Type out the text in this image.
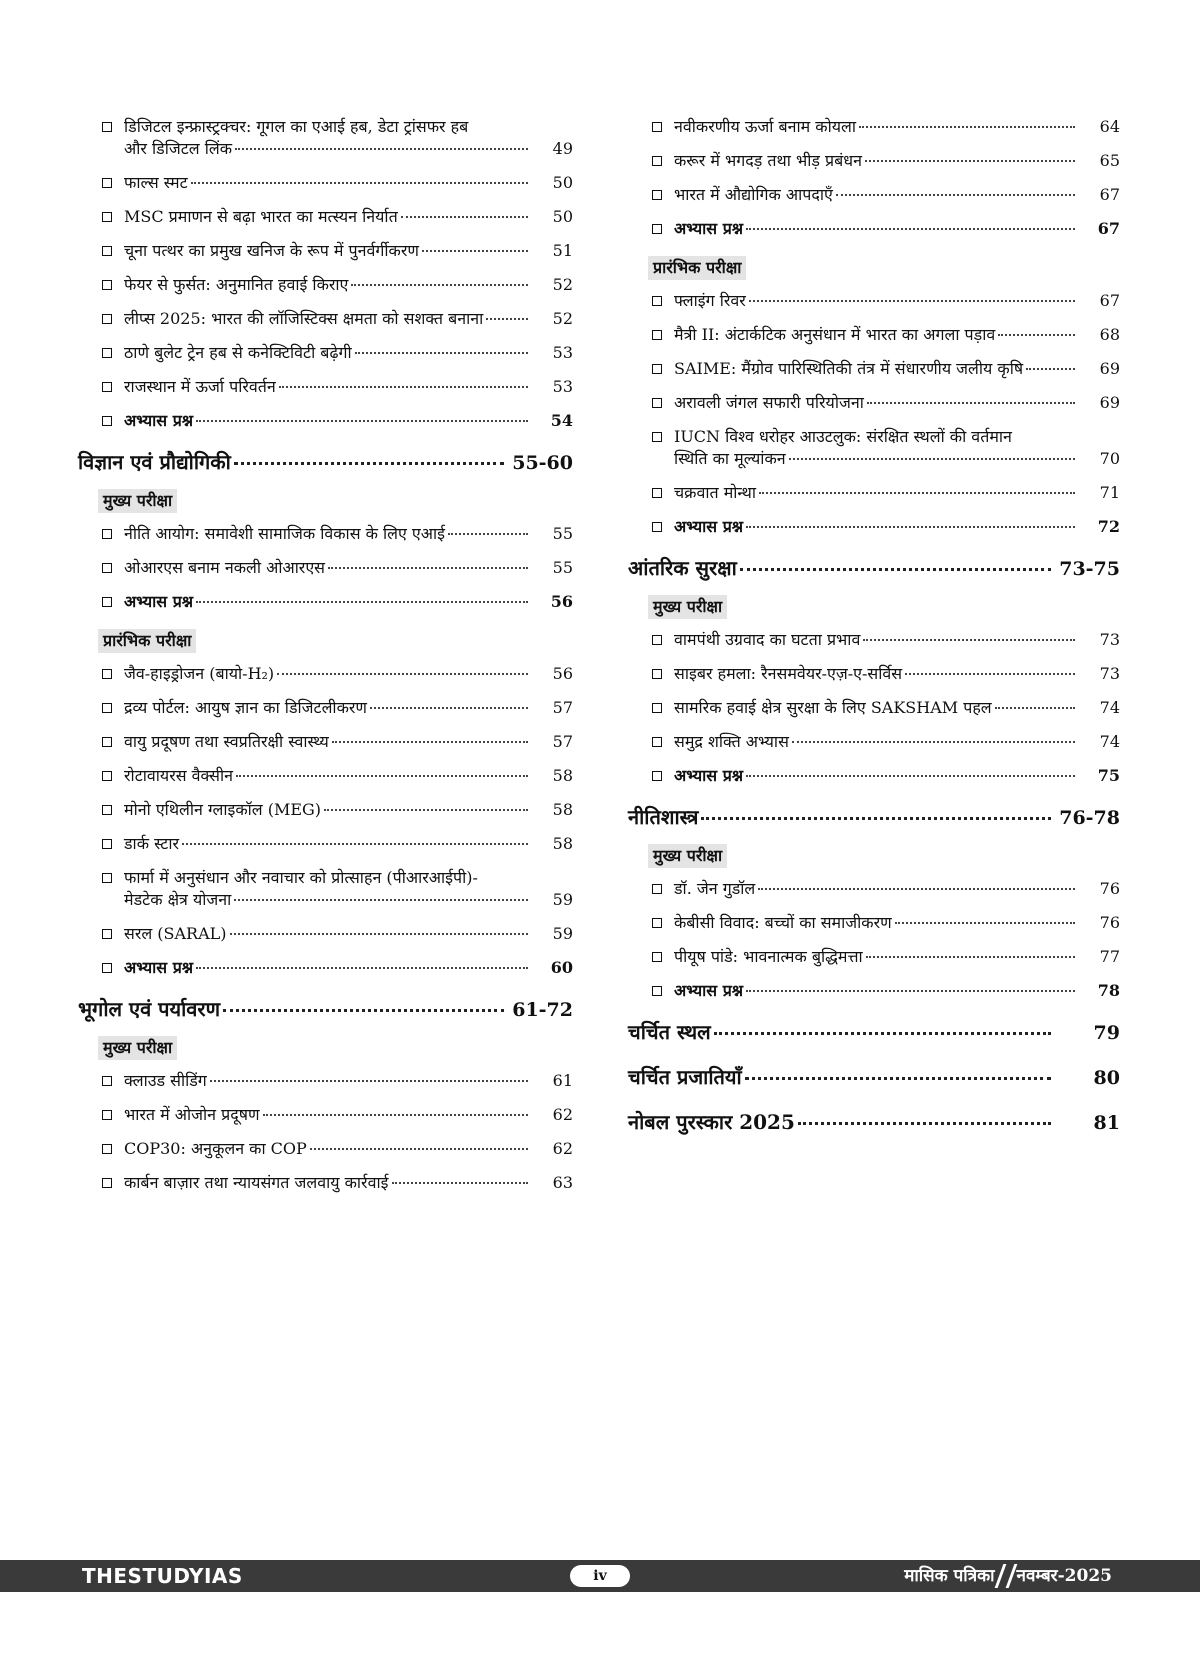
डिजिटल इन्फ्रास्ट्रक्चर: गूगल का एआई हब, डेटा ट्रांसफर हब
और डिजिटल लिंक	49
फाल्स स्मट	50
MSC प्रमाणन से बढ़ा भारत का मत्स्यन निर्यात	50
चूना पत्थर का प्रमुख खनिज के रूप में पुनर्वर्गीकरण	51
फेयर से फुर्सत: अनुमानित हवाई किराए	52
लीप्स 2025: भारत की लॉजिस्टिक्स क्षमता को सशक्त बनाना	52
ठाणे बुलेट ट्रेन हब से कनेक्टिविटी बढ़ेगी	53
राजस्थान में ऊर्जा परिवर्तन	53
अभ्यास प्रश्न	54
विज्ञान एवं प्रौद्योगिकी	55-60
मुख्य परीक्षा
नीति आयोग: समावेशी सामाजिक विकास के लिए एआई	55
ओआरएस बनाम नकली ओआरएस	55
अभ्यास प्रश्न	56
प्रारंभिक परीक्षा
जैव-हाइड्रोजन (बायो-H₂)	56
द्रव्य पोर्टल: आयुष ज्ञान का डिजिटलीकरण	57
वायु प्रदूषण तथा स्वप्रतिरक्षी स्वास्थ्य	57
रोटावायरस वैक्सीन	58
मोनो एथिलीन ग्लाइकॉल (MEG)	58
डार्क स्टार	58
फार्मा में अनुसंधान और नवाचार को प्रोत्साहन (पीआरआईपी)-
मेडटेक क्षेत्र योजना	59
सरल (SARAL)	59
अभ्यास प्रश्न	60
भूगोल एवं पर्यावरण	61-72
मुख्य परीक्षा
क्लाउड सीडिंग	61
भारत में ओजोन प्रदूषण	62
COP30: अनुकूलन का COP	62
कार्बन बाज़ार तथा न्यायसंगत जलवायु कार्रवाई	63
नवीकरणीय ऊर्जा बनाम कोयला	64
करूर में भगदड़ तथा भीड़ प्रबंधन	65
भारत में औद्योगिक आपदाएँ	67
अभ्यास प्रश्न	67
प्रारंभिक परीक्षा
फ्लाइंग रिवर	67
मैत्री II: अंटार्कटिक अनुसंधान में भारत का अगला पड़ाव	68
SAIME: मैंग्रोव पारिस्थितिकी तंत्र में संधारणीय जलीय कृषि	69
अरावली जंगल सफारी परियोजना	69
IUCN विश्व धरोहर आउटलुक: संरक्षित स्थलों की वर्तमान
स्थिति का मूल्यांकन	70
चक्रवात मोन्था	71
अभ्यास प्रश्न	72
आंतरिक सुरक्षा	73-75
मुख्य परीक्षा
वामपंथी उग्रवाद का घटता प्रभाव	73
साइबर हमला: रैनसमवेयर-एज़-ए-सर्विस	73
सामरिक हवाई क्षेत्र सुरक्षा के लिए SAKSHAM पहल	74
समुद्र शक्ति अभ्यास	74
अभ्यास प्रश्न	75
नीतिशास्त्र	76-78
मुख्य परीक्षा
डॉ. जेन गुडॉल	76
केबीसी विवाद: बच्चों का समाजीकरण	76
पीयूष पांडे: भावनात्मक बुद्धिमत्ता	77
अभ्यास प्रश्न	78
चर्चित स्थल	79
चर्चित प्रजातियाँ	80
नोबल पुरस्कार 2025	81
THESTUDYIAS	iv	मासिक पत्रिका नवम्बर-2025
